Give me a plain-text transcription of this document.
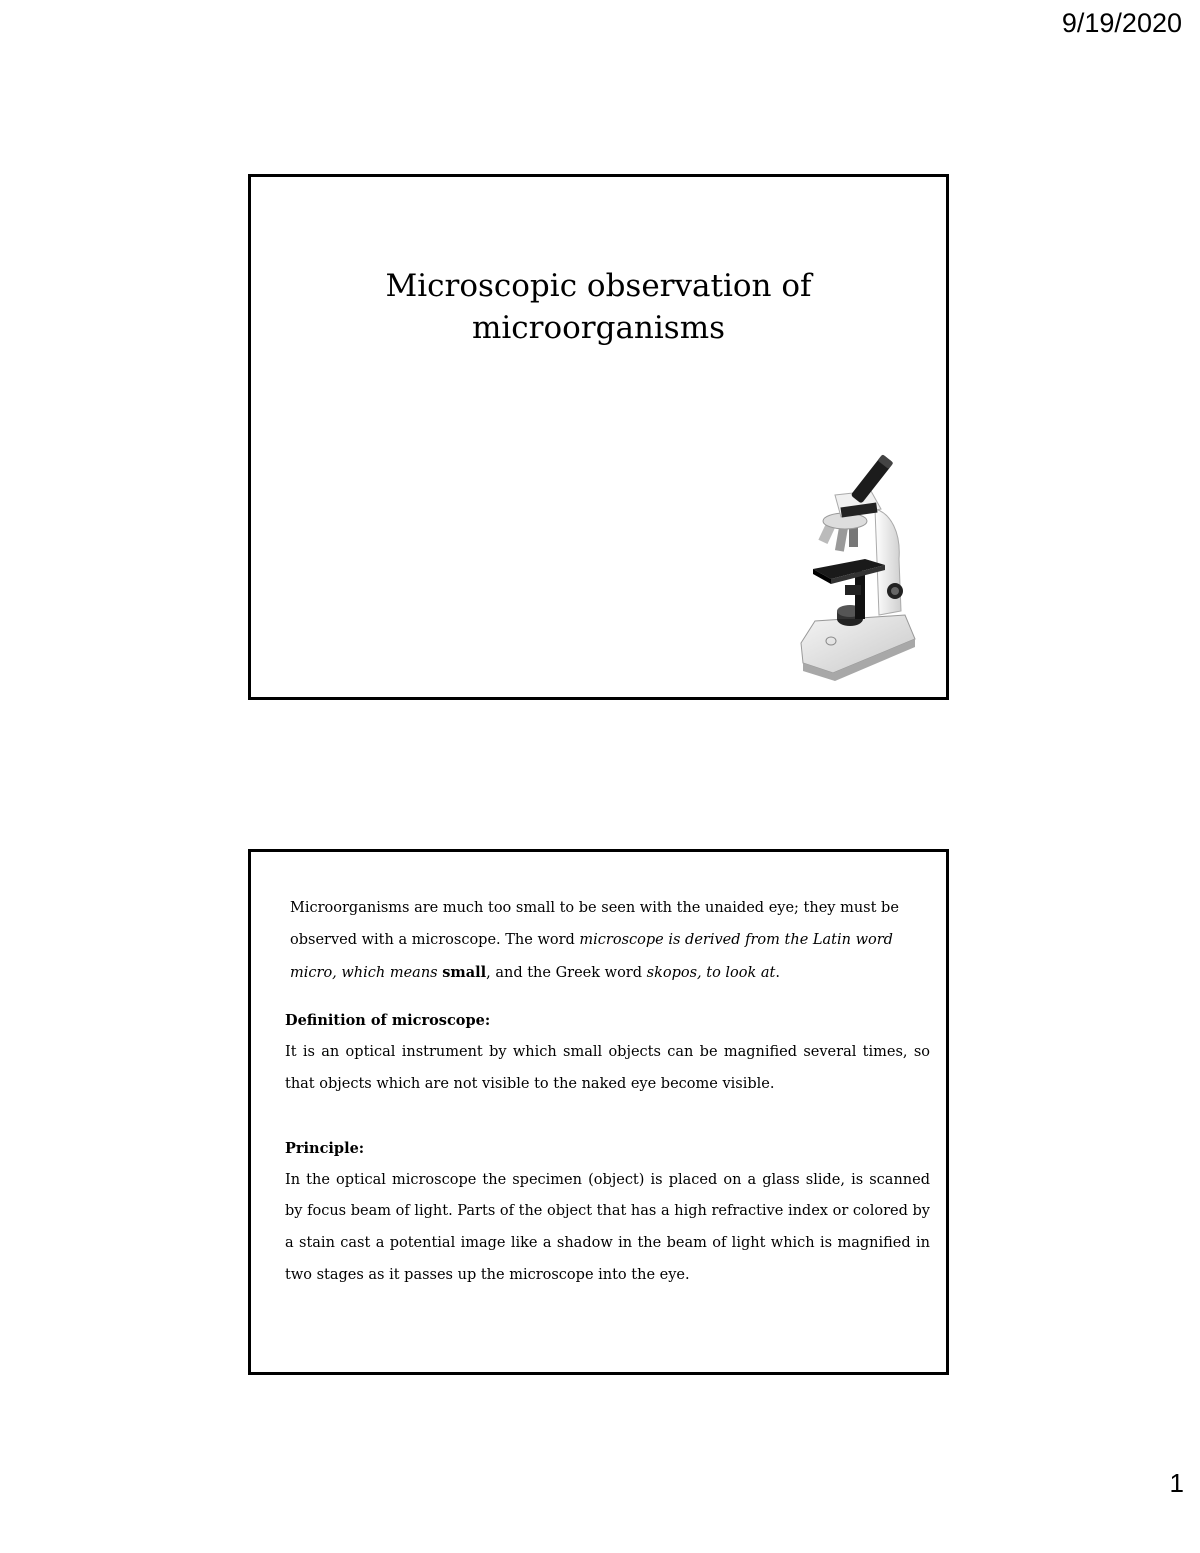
9/19/2020
Microscopic observation of
microorganisms

Microorganisms are much too small to be seen with the unaided eye; they must be observed with a microscope. The word microscope is derived from the Latin word micro, which means small, and the Greek word skopos, to look at.

Definition of microscope:

It is an optical instrument by which small objects can be magnified several times, so that objects which are not visible to the naked eye become visible.

Principle:

In the optical microscope the specimen (object) is placed on a glass slide, is scanned by focus beam of light. Parts of the object that has a high refractive index or colored by a stain cast a potential image like a shadow in the beam of light which is magnified in two stages as it passes up the microscope into the eye.

1
